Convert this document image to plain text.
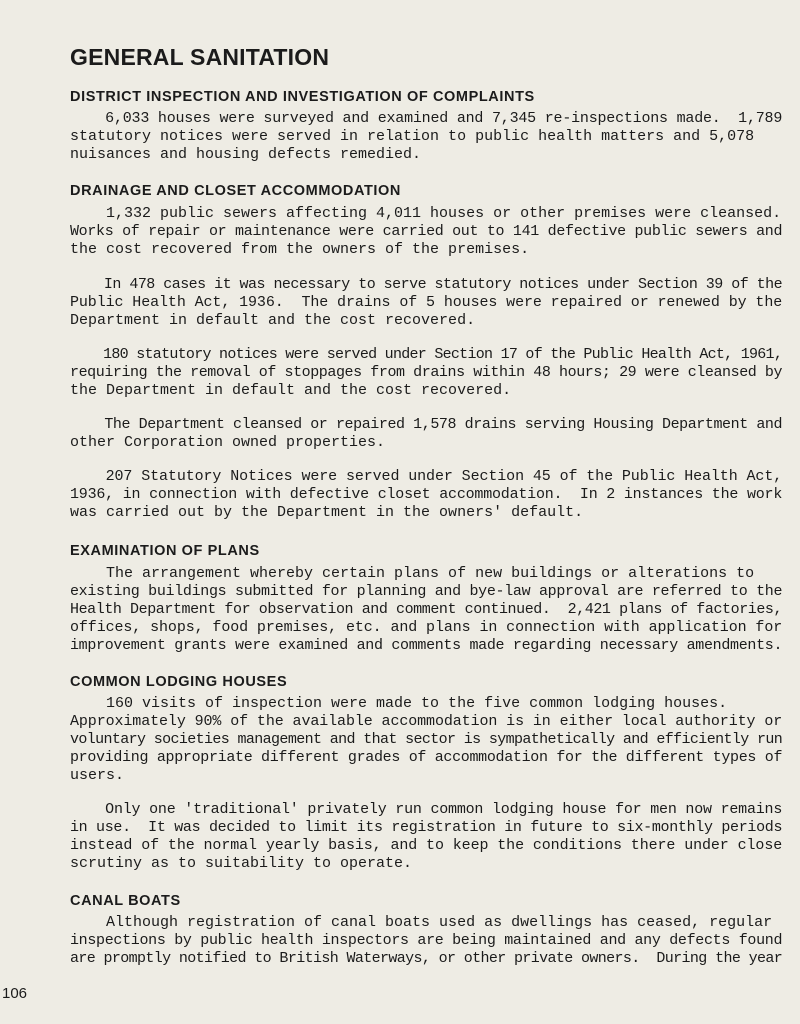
GENERAL SANITATION
DISTRICT INSPECTION AND INVESTIGATION OF COMPLAINTS
6,033 houses were surveyed and examined and 7,345 re-inspections made.  1,789
statutory notices were served in relation to public health matters and 5,078
nuisances and housing defects remedied.
DRAINAGE AND CLOSET ACCOMMODATION
1,332 public sewers affecting 4,011 houses or other premises were cleansed.
Works of repair or maintenance were carried out to 141 defective public sewers and
the cost recovered from the owners of the premises.
In 478 cases it was necessary to serve statutory notices under Section 39 of the
Public Health Act, 1936.  The drains of 5 houses were repaired or renewed by the
Department in default and the cost recovered.
180 statutory notices were served under Section 17 of the Public Health Act, 1961,
requiring the removal of stoppages from drains within 48 hours; 29 were cleansed by
the Department in default and the cost recovered.
The Department cleansed or repaired 1,578 drains serving Housing Department and
other Corporation owned properties.
207 Statutory Notices were served under Section 45 of the Public Health Act,
1936, in connection with defective closet accommodation.  In 2 instances the work
was carried out by the Department in the owners' default.
EXAMINATION OF PLANS
The arrangement whereby certain plans of new buildings or alterations to
existing buildings submitted for planning and bye-law approval are referred to the
Health Department for observation and comment continued.  2,421 plans of factories,
offices, shops, food premises, etc. and plans in connection with application for
improvement grants were examined and comments made regarding necessary amendments.
COMMON LODGING HOUSES
160 visits of inspection were made to the five common lodging houses.
Approximately 90% of the available accommodation is in either local authority or
voluntary societies management and that sector is sympathetically and efficiently run
providing appropriate different grades of accommodation for the different types of
users.
Only one 'traditional' privately run common lodging house for men now remains
in use.  It was decided to limit its registration in future to six-monthly periods
instead of the normal yearly basis, and to keep the conditions there under close
scrutiny as to suitability to operate.
CANAL BOATS
Although registration of canal boats used as dwellings has ceased, regular
inspections by public health inspectors are being maintained and any defects found
are promptly notified to British Waterways, or other private owners.  During the year
106
